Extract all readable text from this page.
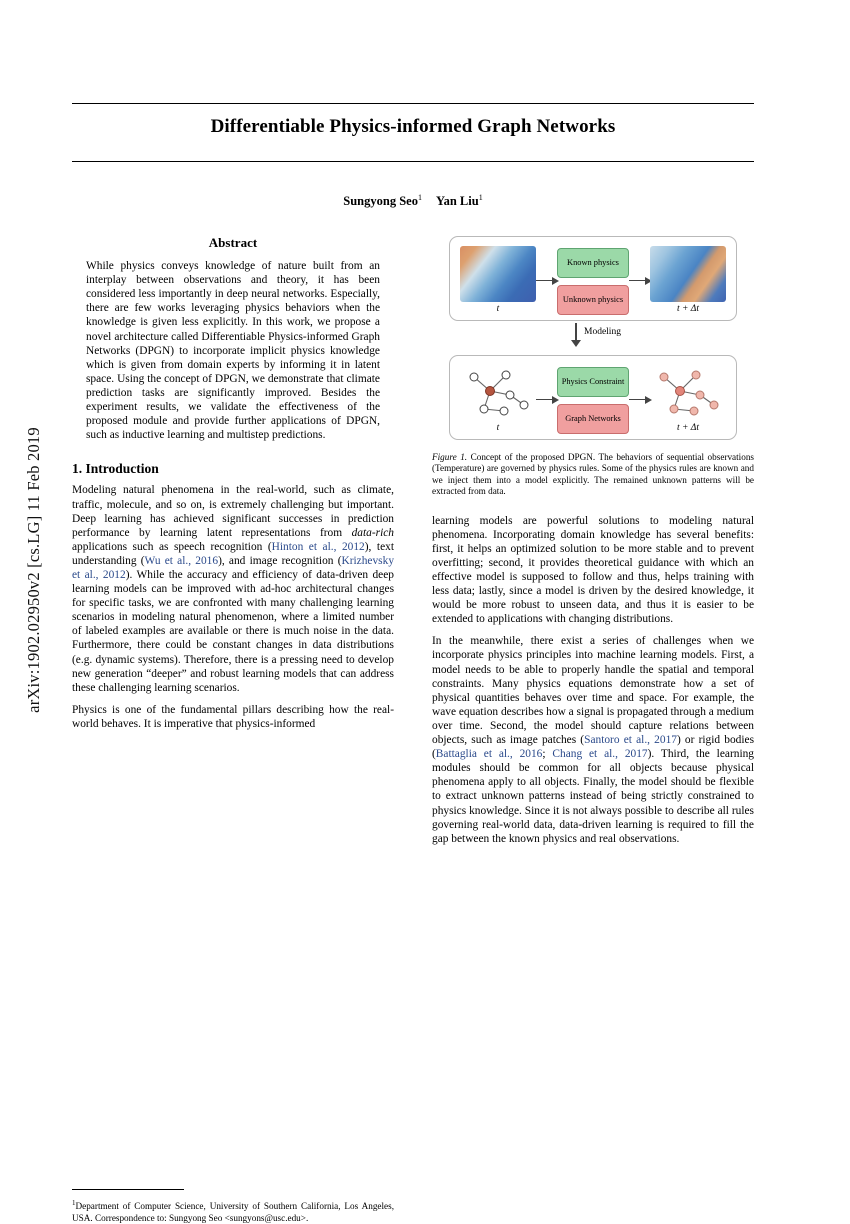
arXiv:1902.02950v2 [cs.LG] 11 Feb 2019
Differentiable Physics-informed Graph Networks
Sungyong Seo$^1$ Yan Liu$^1$
Abstract

While physics conveys knowledge of nature built from an interplay between observations and theory, it has been considered less importantly in deep neural networks. Especially, there are few works leveraging physics behaviors when the knowledge is given less explicitly. In this work, we propose a novel architecture called Differentiable Physics-informed Graph Networks (DPGN) to incorporate implicit physics knowledge which is given from domain experts by informing it in latent space. Using the concept of DPGN, we demonstrate that climate prediction tasks are significantly improved. Besides the experiment results, we validate the effectiveness of the proposed module and provide further applications of DPGN, such as inductive learning and multistep predictions.

1. Introduction

Modeling natural phenomena in the real-world, such as climate, traffic, molecule, and so on, is extremely challenging but important. Deep learning has achieved significant successes in prediction performance by learning latent representations from data-rich applications such as speech recognition (Hinton et al., 2012), text understanding (Wu et al., 2016), and image recognition (Krizhevsky et al., 2012). While the accuracy and efficiency of data-driven deep learning models can be improved with ad-hoc architectural changes for specific tasks, we are confronted with many challenging learning scenarios in modeling natural phenomenon, where a limited number of labeled examples are available or there is much noise in the data. Furthermore, there could be constant changes in data distributions (e.g. dynamic systems). Therefore, there is a pressing need to develop new generation “deeper” and robust learning models that can address these challenging learning scenarios.

Physics is one of the fundamental pillars describing how the real-world behaves. It is imperative that physics-informed

$^1$Department of Computer Science, University of Southern California, Los Angeles, USA. Correspondence to: Sungyong Seo <sungyons@usc.edu>.
t
Known physics
Unknown physics
t + Δt
Modeling
t
Physics Constraint
Graph Networks
t + Δt
Figure 1. Concept of the proposed DPGN. The behaviors of sequential observations (Temperature) are governed by physics rules. Some of the physics rules are known and we inject them into a model explicitly. The remained unknown patterns will be extracted from data.

learning models are powerful solutions to modeling natural phenomena. Incorporating domain knowledge has several benefits: first, it helps an optimized solution to be more stable and to prevent overfitting; second, it provides theoretical guidance with which an effective model is supposed to follow and thus, helps training with less data; lastly, since a model is driven by the desired knowledge, it would be more robust to unseen data, and thus it is easier to be extended to applications with changing distributions.

In the meanwhile, there exist a series of challenges when we incorporate physics principles into machine learning models. First, a model needs to be able to properly handle the spatial and temporal constraints. Many physics equations demonstrate how a set of physical quantities behaves over time and space. For example, the wave equation describes how a signal is propagated through a medium over time. Second, the model should capture relations between objects, such as image patches (Santoro et al., 2017) or rigid bodies (Battaglia et al., 2016; Chang et al., 2017). Third, the learning modules should be common for all objects because physical phenomena apply to all objects. Finally, the model should be flexible to extract unknown patterns instead of being strictly constrained to physics knowledge. Since it is not always possible to describe all rules governing real-world data, data-driven learning is required to fill the gap between the known physics and real observations.
